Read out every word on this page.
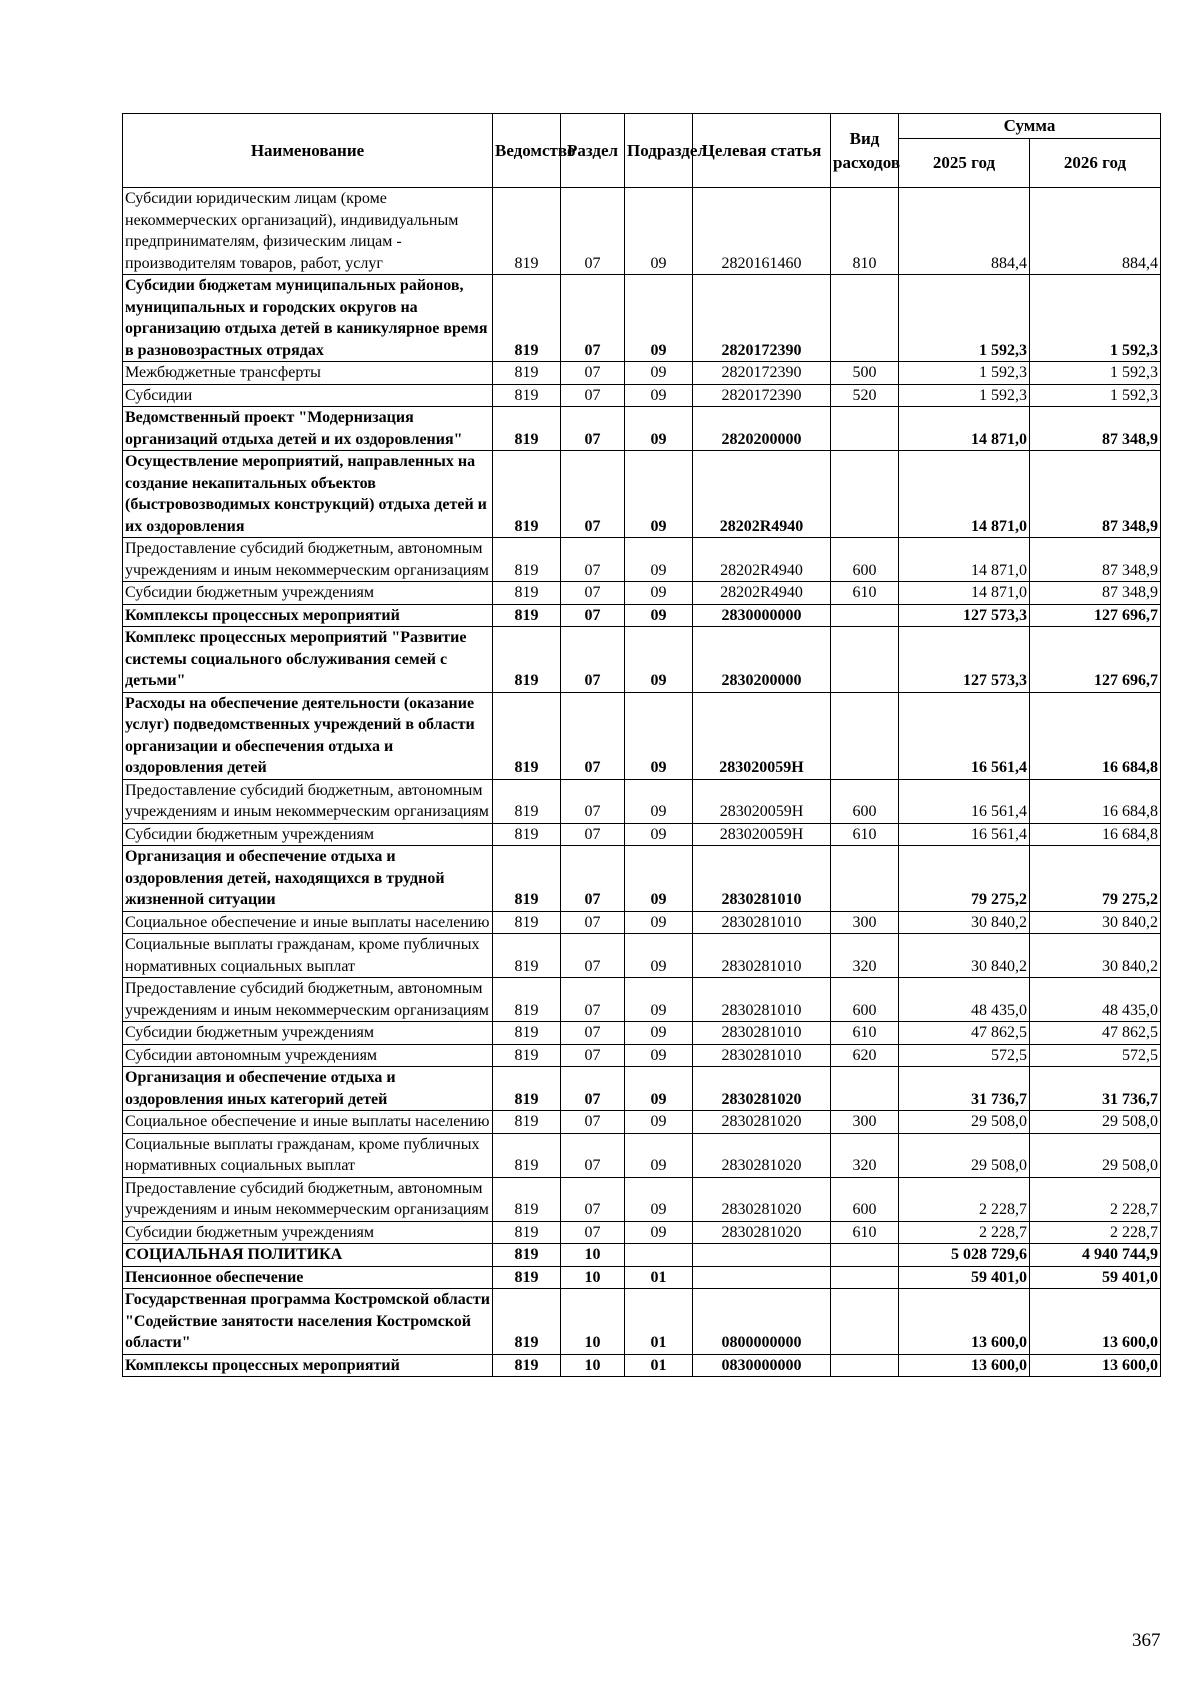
Наименование	Ведомство	Раздел	Подраздел	Целевая статья	Вид расходов	Сумма	
						2025 год	2026 год
Субсидии юридическим лицам (кроме некоммерческих организаций), индивидуальным предпринимателям, физическим лицам - производителям товаров, работ, услуг	819	07	09	2820161460	810	884,4	884,4
Субсидии бюджетам муниципальных районов, муниципальных и городских округов на организацию отдыха детей в каникулярное время в разновозрастных отрядах	819	07	09	2820172390		1 592,3	1 592,3
Межбюджетные трансферты	819	07	09	2820172390	500	1 592,3	1 592,3
Субсидии	819	07	09	2820172390	520	1 592,3	1 592,3
Ведомственный проект "Модернизация организаций отдыха детей и их оздоровления"	819	07	09	2820200000		14 871,0	87 348,9
Осуществление мероприятий, направленных на создание некапитальных объектов (быстровозводимых конструкций) отдыха детей и их оздоровления	819	07	09	28202R4940		14 871,0	87 348,9
Предоставление субсидий бюджетным, автономным учреждениям и иным некоммерческим организациям	819	07	09	28202R4940	600	14 871,0	87 348,9
Субсидии бюджетным учреждениям	819	07	09	28202R4940	610	14 871,0	87 348,9
Комплексы процессных мероприятий	819	07	09	2830000000		127 573,3	127 696,7
Комплекс процессных мероприятий "Развитие системы социального обслуживания семей с детьми"	819	07	09	2830200000		127 573,3	127 696,7
Расходы на обеспечение деятельности (оказание услуг) подведомственных учреждений в области организации и обеспечения отдыха и оздоровления детей	819	07	09	283020059H		16 561,4	16 684,8
Предоставление субсидий бюджетным, автономным учреждениям и иным некоммерческим организациям	819	07	09	283020059H	600	16 561,4	16 684,8
Субсидии бюджетным учреждениям	819	07	09	283020059H	610	16 561,4	16 684,8
Организация и обеспечение отдыха и оздоровления детей, находящихся в трудной жизненной ситуации	819	07	09	2830281010		79 275,2	79 275,2
Социальное обеспечение и иные выплаты населению	819	07	09	2830281010	300	30 840,2	30 840,2
Социальные выплаты гражданам, кроме публичных нормативных социальных выплат	819	07	09	2830281010	320	30 840,2	30 840,2
Предоставление субсидий бюджетным, автономным учреждениям и иным некоммерческим организациям	819	07	09	2830281010	600	48 435,0	48 435,0
Субсидии бюджетным учреждениям	819	07	09	2830281010	610	47 862,5	47 862,5
Субсидии автономным учреждениям	819	07	09	2830281010	620	572,5	572,5
Организация и обеспечение отдыха и оздоровления иных категорий детей	819	07	09	2830281020		31 736,7	31 736,7
Социальное обеспечение и иные выплаты населению	819	07	09	2830281020	300	29 508,0	29 508,0
Социальные выплаты гражданам, кроме публичных нормативных социальных выплат	819	07	09	2830281020	320	29 508,0	29 508,0
Предоставление субсидий бюджетным, автономным учреждениям и иным некоммерческим организациям	819	07	09	2830281020	600	2 228,7	2 228,7
Субсидии бюджетным учреждениям	819	07	09	2830281020	610	2 228,7	2 228,7
СОЦИАЛЬНАЯ ПОЛИТИКА	819	10				5 028 729,6	4 940 744,9
Пенсионное обеспечение	819	10	01			59 401,0	59 401,0
Государственная программа Костромской области "Содействие занятости населения Костромской области"	819	10	01	0800000000		13 600,0	13 600,0
Комплексы процессных мероприятий	819	10	01	0830000000		13 600,0	13 600,0
367
